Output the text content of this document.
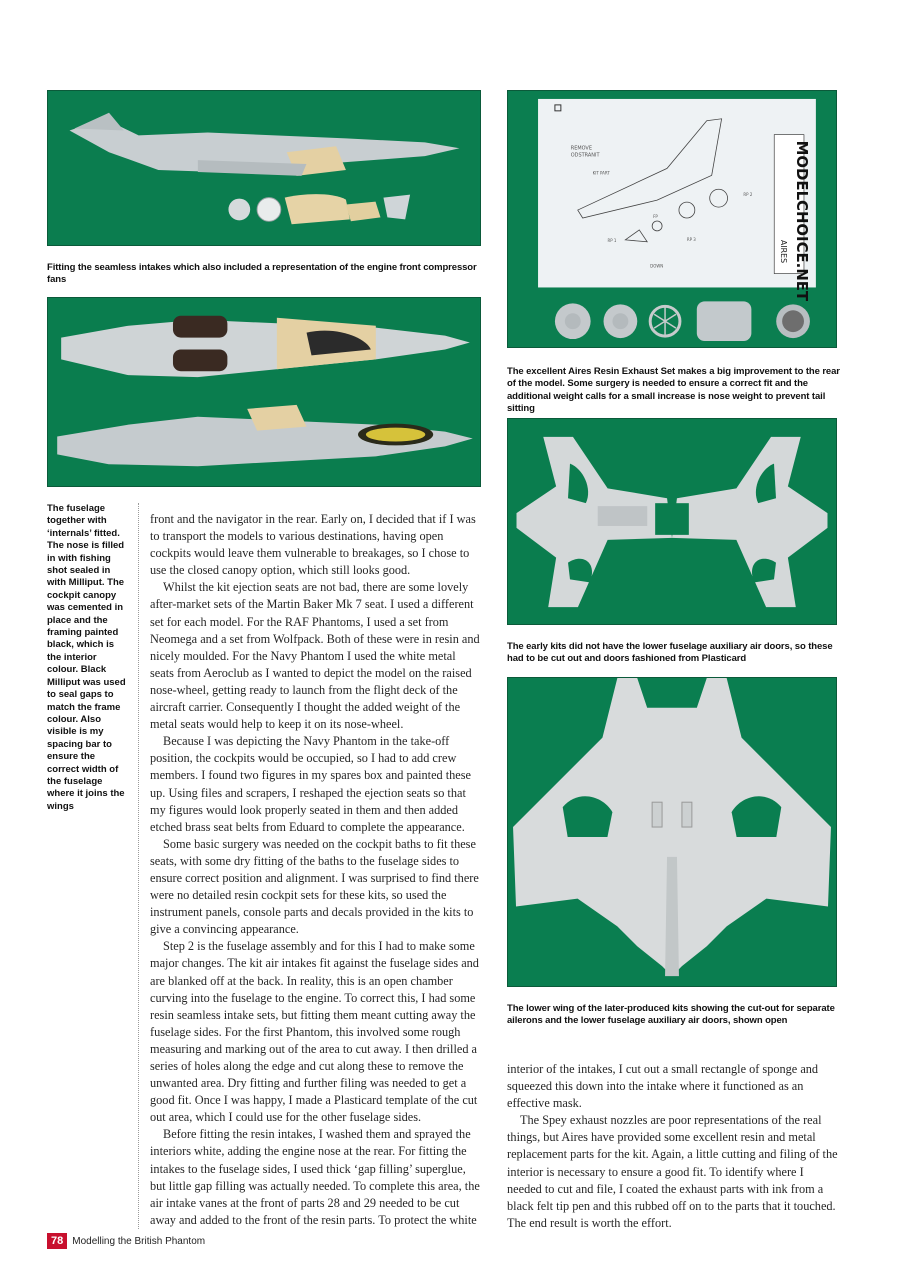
Fitting the seamless intakes which also included a representation of the engine front compressor fans

REMOVE
ODSTRANIT
KIT PART
RP 2
RP 3
RP 1
FP
DOWN	MODELCHOICE.NET
AIRES

The excellent Aires Resin Exhaust Set makes a big improvement to the rear of the model. Some surgery is needed to ensure a correct fit and the additional weight calls for a small increase is nose weight to prevent tail sitting

The early kits did not have the lower fuselage auxiliary air doors, so these had to be cut out and doors fashioned from Plasticard

The lower wing of the later-produced kits showing the cut-out for separate ailerons and the lower fuselage auxiliary air doors, shown open

The fuselage together with ‘internals’ fitted. The nose is filled in with fishing shot sealed in with Milliput. The cockpit canopy was cemented in place and the framing painted black, which is the interior colour. Black Milliput was used to seal gaps to match the frame colour. Also visible is my spacing bar to ensure the correct width of the fuselage where it joins the wings

front and the navigator in the rear. Early on, I decided that if I was to transport the models to various destinations, having open cockpits would leave them vulnerable to breakages, so I chose to use the closed canopy option, which still looks good.

Whilst the kit ejection seats are not bad, there are some lovely after-market sets of the Martin Baker Mk 7 seat. I used a different set for each model. For the RAF Phantoms, I used a set from Neomega and a set from Wolfpack. Both of these were in resin and nicely moulded. For the Navy Phantom I used the white metal seats from Aeroclub as I wanted to depict the model on the raised nose-wheel, getting ready to launch from the flight deck of the aircraft carrier. Consequently I thought the added weight of the metal seats would help to keep it on its nose-wheel.

Because I was depicting the Navy Phantom in the take-off position, the cockpits would be occupied, so I had to add crew members. I found two figures in my spares box and painted these up. Using files and scrapers, I reshaped the ejection seats so that my figures would look properly seated in them and then added etched brass seat belts from Eduard to complete the appearance.

Some basic surgery was needed on the cockpit baths to fit these seats, with some dry fitting of the baths to the fuselage sides to ensure correct position and alignment. I was surprised to find there were no detailed resin cockpit sets for these kits, so used the instrument panels, console parts and decals provided in the kits to give a convincing appearance.

Step 2 is the fuselage assembly and for this I had to make some major changes. The kit air intakes fit against the fuselage sides and are blanked off at the back. In reality, this is an open chamber curving into the fuselage to the engine. To correct this, I had some resin seamless intake sets, but fitting them meant cutting away the fuselage sides. For the first Phantom, this involved some rough measuring and marking out of the area to cut away. I then drilled a series of holes along the edge and cut along these to remove the unwanted area. Dry fitting and further filing was needed to get a good fit. Once I was happy, I made a Plasticard template of the cut out area, which I could use for the other fuselage sides.

Before fitting the resin intakes, I washed them and sprayed the interiors white, adding the engine nose at the rear. For fitting the intakes to the fuselage sides, I used thick ‘gap filling’ superglue, but little gap filling was actually needed. To complete this area, the air intake vanes at the front of parts 28 and 29 needed to be cut away and added to the front of the resin parts. To protect the white

interior of the intakes, I cut out a small rectangle of sponge and squeezed this down into the intake where it functioned as an effective mask.

The Spey exhaust nozzles are poor representations of the real things, but Aires have provided some excellent resin and metal replacement parts for the kit. Again, a little cutting and filing of the interior is necessary to ensure a good fit. To identify where I needed to cut and file, I coated the exhaust parts with ink from a black felt tip pen and this rubbed off on to the parts that it touched. The end result is worth the effort.

78 Modelling the British Phantom
